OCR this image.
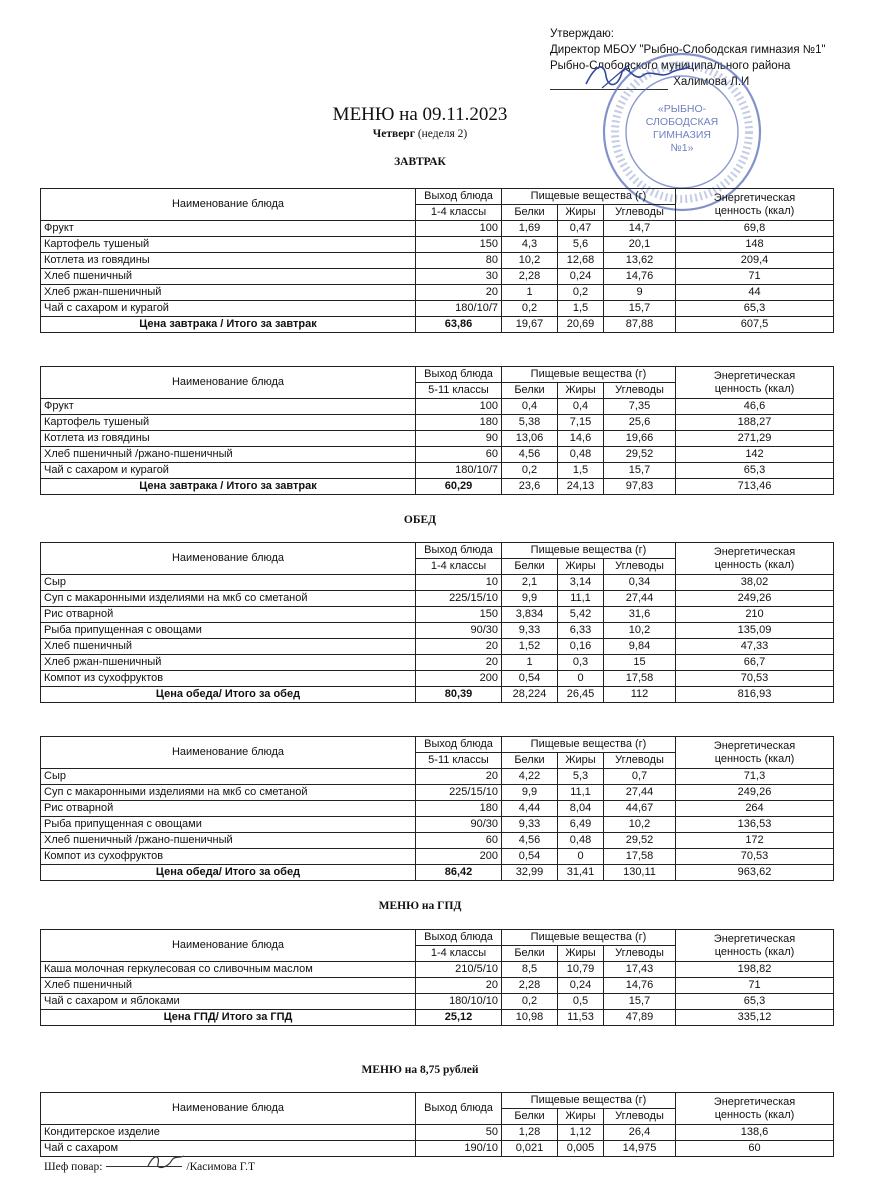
Утверждаю:
Директор МБОУ "Рыбно-Слободская гимназия №1"
Рыбно-Слободского муниципального района
Халимова Л.И
«РЫБНО-
СЛОБОДСКАЯ
ГИМНАЗИЯ
№1»
МЕНЮ на 09.11.2023
Четверг (неделя 2)
ЗАВТРАК
ОБЕД
МЕНЮ на ГПД
МЕНЮ на 8,75 рублей
Наименование блюда	Выход блюда	Пищевые вещества (г)			Энергетическая
ценность (ккал)

	1-4 классы	Белки	Жиры	Углеводы	
Фрукт	100	1,69	0,47	14,7	69,8
Картофель тушеный	150	4,3	5,6	20,1	148
Котлета из говядины	80	10,2	12,68	13,62	209,4
Хлеб пшеничный	30	2,28	0,24	14,76	71
Хлеб ржан-пшеничный	20	1	0,2	9	44
Чай с сахаром и курагой	180/10/7	0,2	1,5	15,7	65,3
Цена завтрака / Итого за завтрак	63,86	19,67	20,69	87,88	607,5
Наименование блюда	Выход блюда	Пищевые вещества (г)			Энергетическая
ценность (ккал)

	5-11 классы	Белки	Жиры	Углеводы	
Фрукт	100	0,4	0,4	7,35	46,6
Картофель тушеный	180	5,38	7,15	25,6	188,27
Котлета из говядины	90	13,06	14,6	19,66	271,29
Хлеб пшеничный /ржано-пшеничный	60	4,56	0,48	29,52	142
Чай с сахаром и курагой	180/10/7	0,2	1,5	15,7	65,3
Цена завтрака / Итого за завтрак	60,29	23,6	24,13	97,83	713,46
Наименование блюда	Выход блюда	Пищевые вещества (г)			Энергетическая
ценность (ккал)

	1-4 классы	Белки	Жиры	Углеводы	
Сыр	10	2,1	3,14	0,34	38,02
Суп с макаронными изделиями на мкб со сметаной	225/15/10	9,9	11,1	27,44	249,26
Рис отварной	150	3,834	5,42	31,6	210
Рыба припущенная с овощами	90/30	9,33	6,33	10,2	135,09
Хлеб пшеничный	20	1,52	0,16	9,84	47,33
Хлеб ржан-пшеничный	20	1	0,3	15	66,7
Компот из сухофруктов	200	0,54	0	17,58	70,53
Цена обеда/ Итого за обед	80,39	28,224	26,45	112	816,93
Наименование блюда	Выход блюда	Пищевые вещества (г)			Энергетическая
ценность (ккал)

	5-11 классы	Белки	Жиры	Углеводы	
Сыр	20	4,22	5,3	0,7	71,3
Суп с макаронными изделиями на мкб со сметаной	225/15/10	9,9	11,1	27,44	249,26
Рис отварной	180	4,44	8,04	44,67	264
Рыба припущенная с овощами	90/30	9,33	6,49	10,2	136,53
Хлеб пшеничный /ржано-пшеничный	60	4,56	0,48	29,52	172
Компот из сухофруктов	200	0,54	0	17,58	70,53
Цена обеда/ Итого за обед	86,42	32,99	31,41	130,11	963,62
Наименование блюда	Выход блюда	Пищевые вещества (г)			Энергетическая
ценность (ккал)

	1-4 классы	Белки	Жиры	Углеводы	
Каша молочная геркулесовая со сливочным маслом	210/5/10	8,5	10,79	17,43	198,82
Хлеб пшеничный	20	2,28	0,24	14,76	71
Чай с сахаром и яблоками	180/10/10	0,2	0,5	15,7	65,3
Цена ГПД/ Итого за ГПД	25,12	10,98	11,53	47,89	335,12
Наименование блюда	Выход блюда	Пищевые вещества (г)			Энергетическая
ценность (ккал)

		Белки	Жиры	Углеводы	
Кондитерское изделие	50	1,28	1,12	26,4	138,6
Чай с сахаром	190/10	0,021	0,005	14,975	60
Шеф повар:	/Касимова Г.Т
